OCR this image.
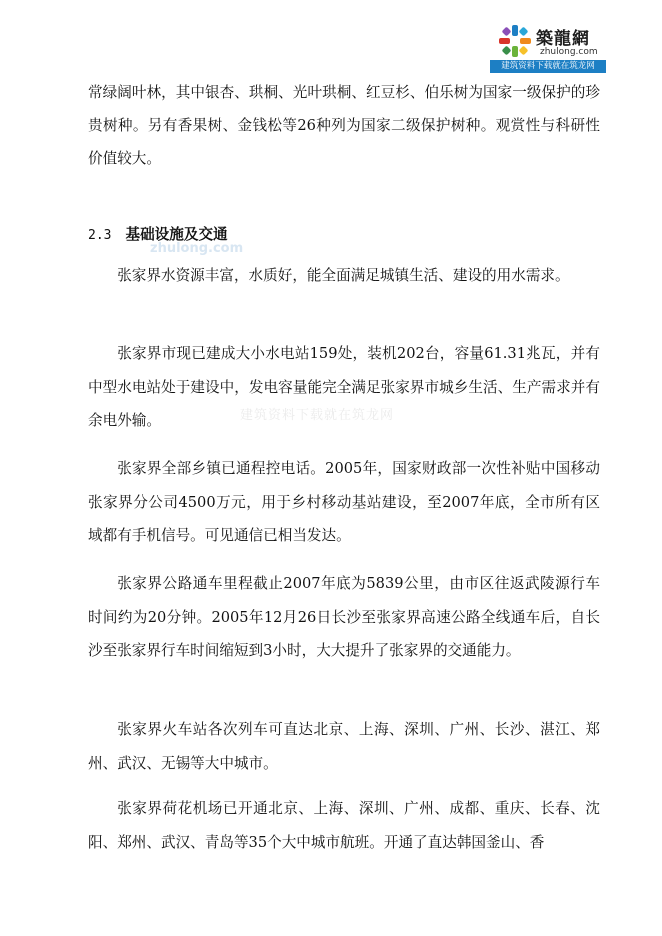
築龍網
zhulong.com
建筑资料下载就在筑龙网

常绿阔叶林，其中银杏、珙桐、光叶珙桐、红豆杉、伯乐树为国家一级保护的珍贵树种。另有香果树、金钱松等26种列为国家二级保护树种。观赏性与科研性价值较大。

2.3 基础设施及交通
zhulong.com

张家界水资源丰富，水质好，能全面满足城镇生活、建设的用水需求。

张家界市现已建成大小水电站159处，装机202台，容量61.31兆瓦，并有中型水电站处于建设中，发电容量能完全满足张家界市城乡生活、生产需求并有余电外输。	建筑资料下载就在筑龙网

张家界全部乡镇已通程控电话。2005年，国家财政部一次性补贴中国移动张家界分公司4500万元，用于乡村移动基站建设，至2007年底，全市所有区域都有手机信号。可见通信已相当发达。

张家界公路通车里程截止2007年底为5839公里，由市区往返武陵源行车时间约为20分钟。2005年12月26日长沙至张家界高速公路全线通车后，自长沙至张家界行车时间缩短到3小时，大大提升了张家界的交通能力。

张家界火车站各次列车可直达北京、上海、深圳、广州、长沙、湛江、郑州、武汉、无锡等大中城市。

张家界荷花机场已开通北京、上海、深圳、广州、成都、重庆、长春、沈阳、郑州、武汉、青岛等35个大中城市航班。开通了直达韩国釜山、香
